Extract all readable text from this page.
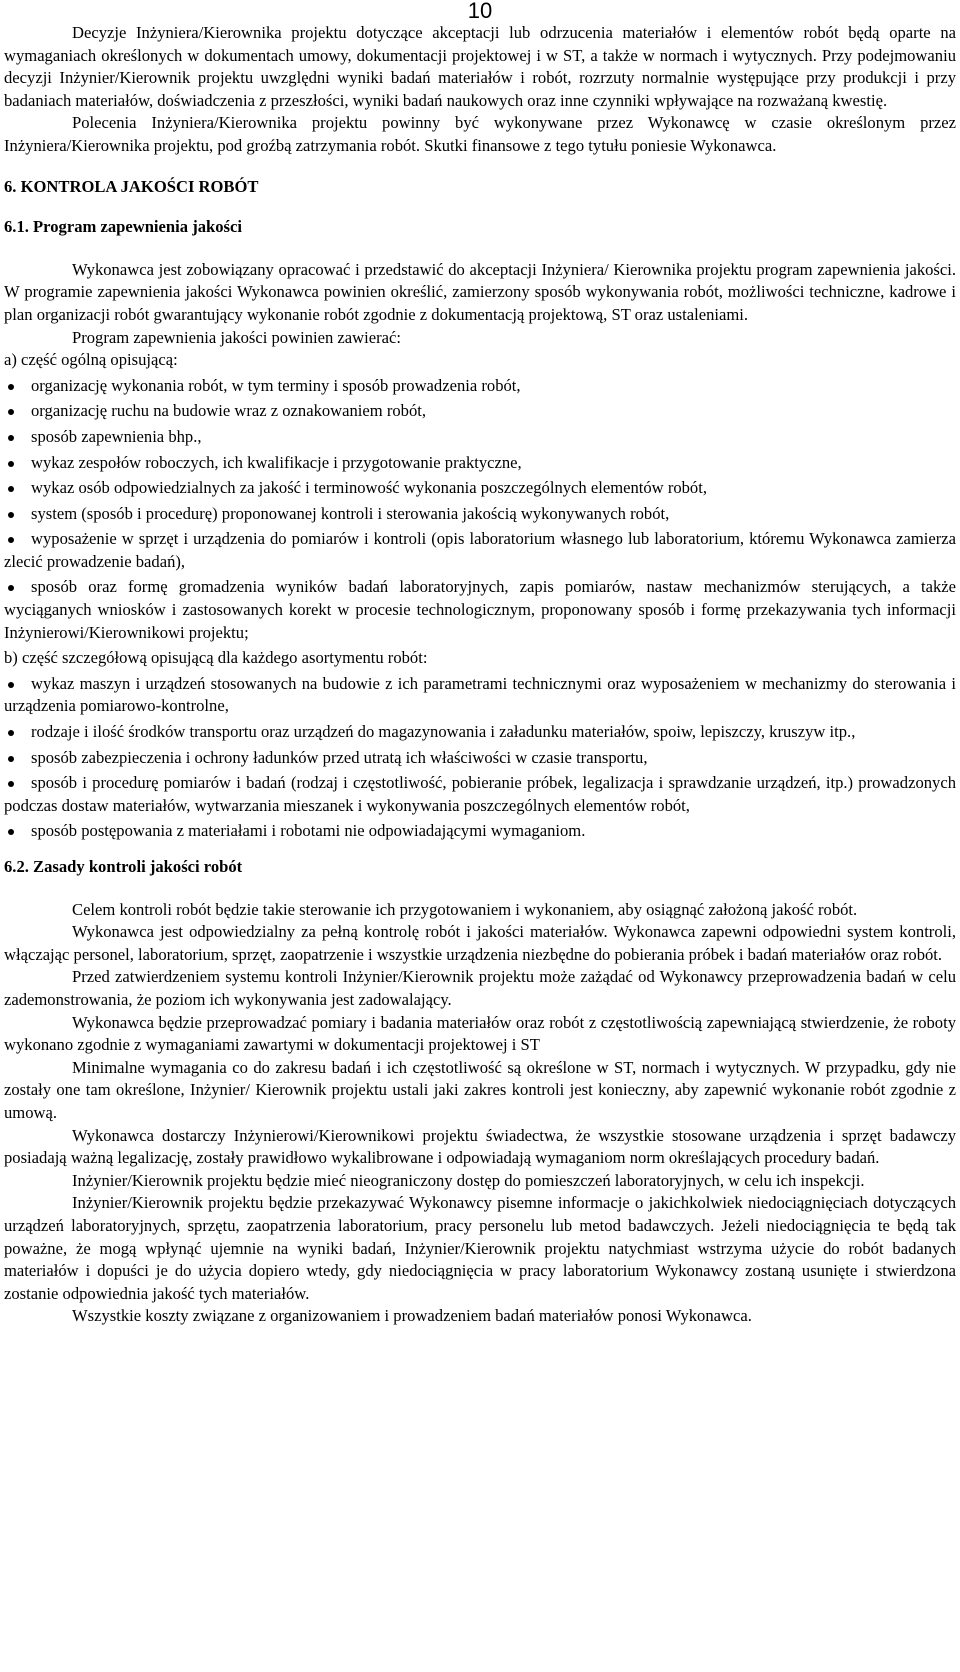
10

Decyzje Inżyniera/Kierownika projektu dotyczące akceptacji lub odrzucenia materiałów i elementów robót będą oparte na wymaganiach określonych w dokumentach umowy, dokumentacji projektowej i w ST, a także w normach i wytycznych. Przy podejmowaniu decyzji Inżynier/Kierownik projektu uwzględni wyniki badań materiałów i robót, rozrzuty normalnie występujące przy produkcji i przy badaniach materiałów, doświadczenia z przeszłości, wyniki badań naukowych oraz inne czynniki wpływające na rozważaną kwestię.

Polecenia Inżyniera/Kierownika projektu powinny być wykonywane przez Wykonawcę w czasie określonym przez Inżyniera/Kierownika projektu, pod groźbą zatrzymania robót. Skutki finansowe z tego tytułu poniesie Wykonawca.

6. KONTROLA JAKOŚCI ROBÓT
6.1. Program zapewnienia jakości

Wykonawca jest zobowiązany opracować i przedstawić do akceptacji Inżyniera/ Kierownika projektu program zapewnienia jakości. W programie zapewnienia jakości Wykonawca powinien określić, zamierzony sposób wykonywania robót, możliwości techniczne, kadrowe i plan organizacji robót gwarantujący wykonanie robót zgodnie z dokumentacją projektową, ST oraz ustaleniami.

Program zapewnienia jakości powinien zawierać:

a) część ogólną opisującą:

organizację wykonania robót, w tym terminy i sposób prowadzenia robót,
organizację ruchu na budowie wraz z oznakowaniem robót,
sposób zapewnienia bhp.,
wykaz zespołów roboczych, ich kwalifikacje i przygotowanie praktyczne,
wykaz osób odpowiedzialnych za jakość i terminowość wykonania poszczególnych elementów robót,
system (sposób i procedurę) proponowanej kontroli i sterowania jakością wykonywanych robót,
wyposażenie w sprzęt i urządzenia do pomiarów i kontroli (opis laboratorium własnego lub laboratorium, któremu Wykonawca zamierza zlecić prowadzenie badań),
sposób oraz formę gromadzenia wyników badań laboratoryjnych, zapis pomiarów, nastaw mechanizmów sterujących, a także wyciąganych wniosków i zastosowanych korekt w procesie technologicznym, proponowany sposób i formę przekazywania tych informacji Inżynierowi/Kierownikowi projektu;

b) część szczegółową opisującą dla każdego asortymentu robót:

wykaz maszyn i urządzeń stosowanych na budowie z ich parametrami technicznymi oraz wyposażeniem w mechanizmy do sterowania i urządzenia pomiarowo-kontrolne,
rodzaje i ilość środków transportu oraz urządzeń do magazynowania i załadunku materiałów, spoiw, lepiszczy, kruszyw itp.,
sposób zabezpieczenia i ochrony ładunków przed utratą ich właściwości w czasie transportu,
sposób i procedurę pomiarów i badań (rodzaj i częstotliwość, pobieranie próbek, legalizacja i sprawdzanie urządzeń, itp.) prowadzonych podczas dostaw materiałów, wytwarzania mieszanek i wykonywania poszczególnych elementów robót,
sposób postępowania z materiałami i robotami nie odpowiadającymi wymaganiom.
6.2. Zasady kontroli jakości robót

Celem kontroli robót będzie takie sterowanie ich przygotowaniem i wykonaniem, aby osiągnąć założoną jakość robót.

Wykonawca jest odpowiedzialny za pełną kontrolę robót i jakości materiałów. Wykonawca zapewni odpowiedni system kontroli, włączając personel, laboratorium, sprzęt, zaopatrzenie i wszystkie urządzenia niezbędne do pobierania próbek i badań materiałów oraz robót.

Przed zatwierdzeniem systemu kontroli Inżynier/Kierownik projektu może zażądać od Wykonawcy przeprowadzenia badań w celu zademonstrowania, że poziom ich wykonywania jest zadowalający.

Wykonawca będzie przeprowadzać pomiary i badania materiałów oraz robót z częstotliwością zapewniającą stwierdzenie, że roboty wykonano zgodnie z wymaganiami zawartymi w dokumentacji projektowej i ST

Minimalne wymagania co do zakresu badań i ich częstotliwość są określone w ST, normach i wytycznych. W przypadku, gdy nie zostały one tam określone, Inżynier/ Kierownik projektu ustali jaki zakres kontroli jest konieczny, aby zapewnić wykonanie robót zgodnie z umową.

Wykonawca dostarczy Inżynierowi/Kierownikowi projektu świadectwa, że wszystkie stosowane urządzenia i sprzęt badawczy posiadają ważną legalizację, zostały prawidłowo wykalibrowane i odpowiadają wymaganiom norm określających procedury badań.

Inżynier/Kierownik projektu będzie mieć nieograniczony dostęp do pomieszczeń laboratoryjnych, w celu ich inspekcji.

Inżynier/Kierownik projektu będzie przekazywać Wykonawcy pisemne informacje o jakichkolwiek niedociągnięciach dotyczących urządzeń laboratoryjnych, sprzętu, zaopatrzenia laboratorium, pracy personelu lub metod badawczych. Jeżeli niedociągnięcia te będą tak poważne, że mogą wpłynąć ujemnie na wyniki badań, Inżynier/Kierownik projektu natychmiast wstrzyma użycie do robót badanych materiałów i dopuści je do użycia dopiero wtedy, gdy niedociągnięcia w pracy laboratorium Wykonawcy zostaną usunięte i stwierdzona zostanie odpowiednia jakość tych materiałów.

Wszystkie koszty związane z organizowaniem i prowadzeniem badań materiałów ponosi Wykonawca.
